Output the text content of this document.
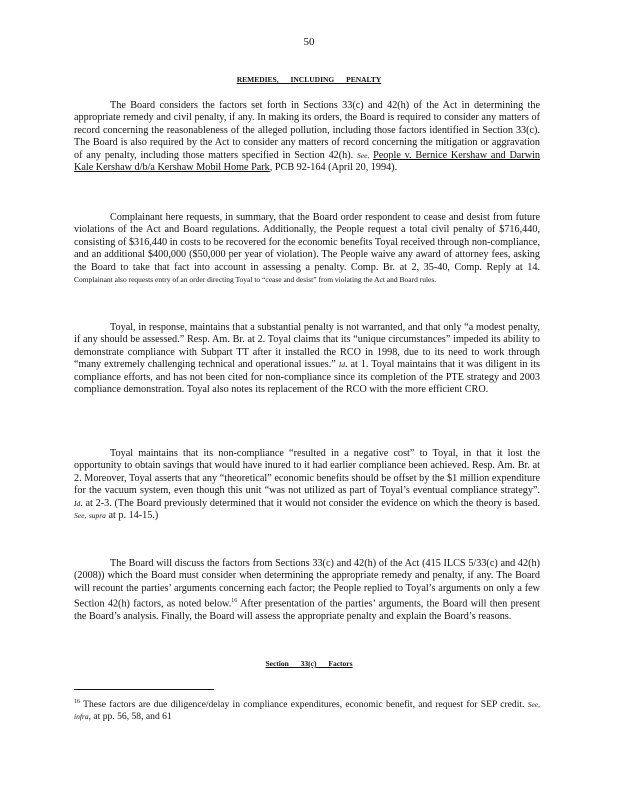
50
REMEDIES, INCLUDING PENALTY

The Board considers the factors set forth in Sections 33(c) and 42(h) of the Act in determining the appropriate remedy and civil penalty, if any. In making its orders, the Board is required to consider any matters of record concerning the reasonableness of the alleged pollution, including those factors identified in Section 33(c). The Board is also required by the Act to consider any matters of record concerning the mitigation or aggravation of any penalty, including those matters specified in Section 42(h). See, People v. Bernice Kershaw and Darwin Kale Kershaw d/b/a Kershaw Mobil Home Park, PCB 92-164 (April 20, 1994).

Complainant here requests, in summary, that the Board order respondent to cease and desist from future violations of the Act and Board regulations. Additionally, the People request a total civil penalty of $716,440, consisting of $316,440 in costs to be recovered for the economic benefits Toyal received through non-compliance, and an additional $400,000 ($50,000 per year of violation). The People waive any award of attorney fees, asking the Board to take that fact into account in assessing a penalty. Comp. Br. at 2, 35-40, Comp. Reply at 14. Complainant also requests entry of an order directing Toyal to “cease and desist” from violating the Act and Board rules.

Toyal, in response, maintains that a substantial penalty is not warranted, and that only “a modest penalty, if any should be assessed.” Resp. Am. Br. at 2. Toyal claims that its “unique circumstances” impeded its ability to demonstrate compliance with Subpart TT after it installed the RCO in 1998, due to its need to work through “many extremely challenging technical and operational issues.” Id. at 1. Toyal maintains that it was diligent in its compliance efforts, and has not been cited for non-compliance since its completion of the PTE strategy and 2003 compliance demonstration. Toyal also notes its replacement of the RCO with the more efficient CRO.

Toyal maintains that its non-compliance “resulted in a negative cost” to Toyal, in that it lost the opportunity to obtain savings that would have inured to it had earlier compliance been achieved. Resp. Am. Br. at 2. Moreover, Toyal asserts that any “theoretical” economic benefits should be offset by the $1 million expenditure for the vacuum system, even though this unit “was not utilized as part of Toyal’s eventual compliance strategy”. Id. at 2-3. (The Board previously determined that it would not consider the evidence on which the theory is based. See, supra at p. 14-15.)

The Board will discuss the factors from Sections 33(c) and 42(h) of the Act (415 ILCS 5/33(c) and 42(h) (2008)) which the Board must consider when determining the appropriate remedy and penalty, if any. The Board will recount the parties’ arguments concerning each factor; the People replied to Toyal’s arguments on only a few Section 42(h) factors, as noted below.$^{16}$ After presentation of the parties’ arguments, the Board will then present the Board’s analysis. Finally, the Board will assess the appropriate penalty and explain the Board’s reasons.

Section 33(c) Factors

$^{16}$ These factors are due diligence/delay in compliance expenditures, economic benefit, and request for SEP credit. See, infra, at pp. 56, 58, and 61
